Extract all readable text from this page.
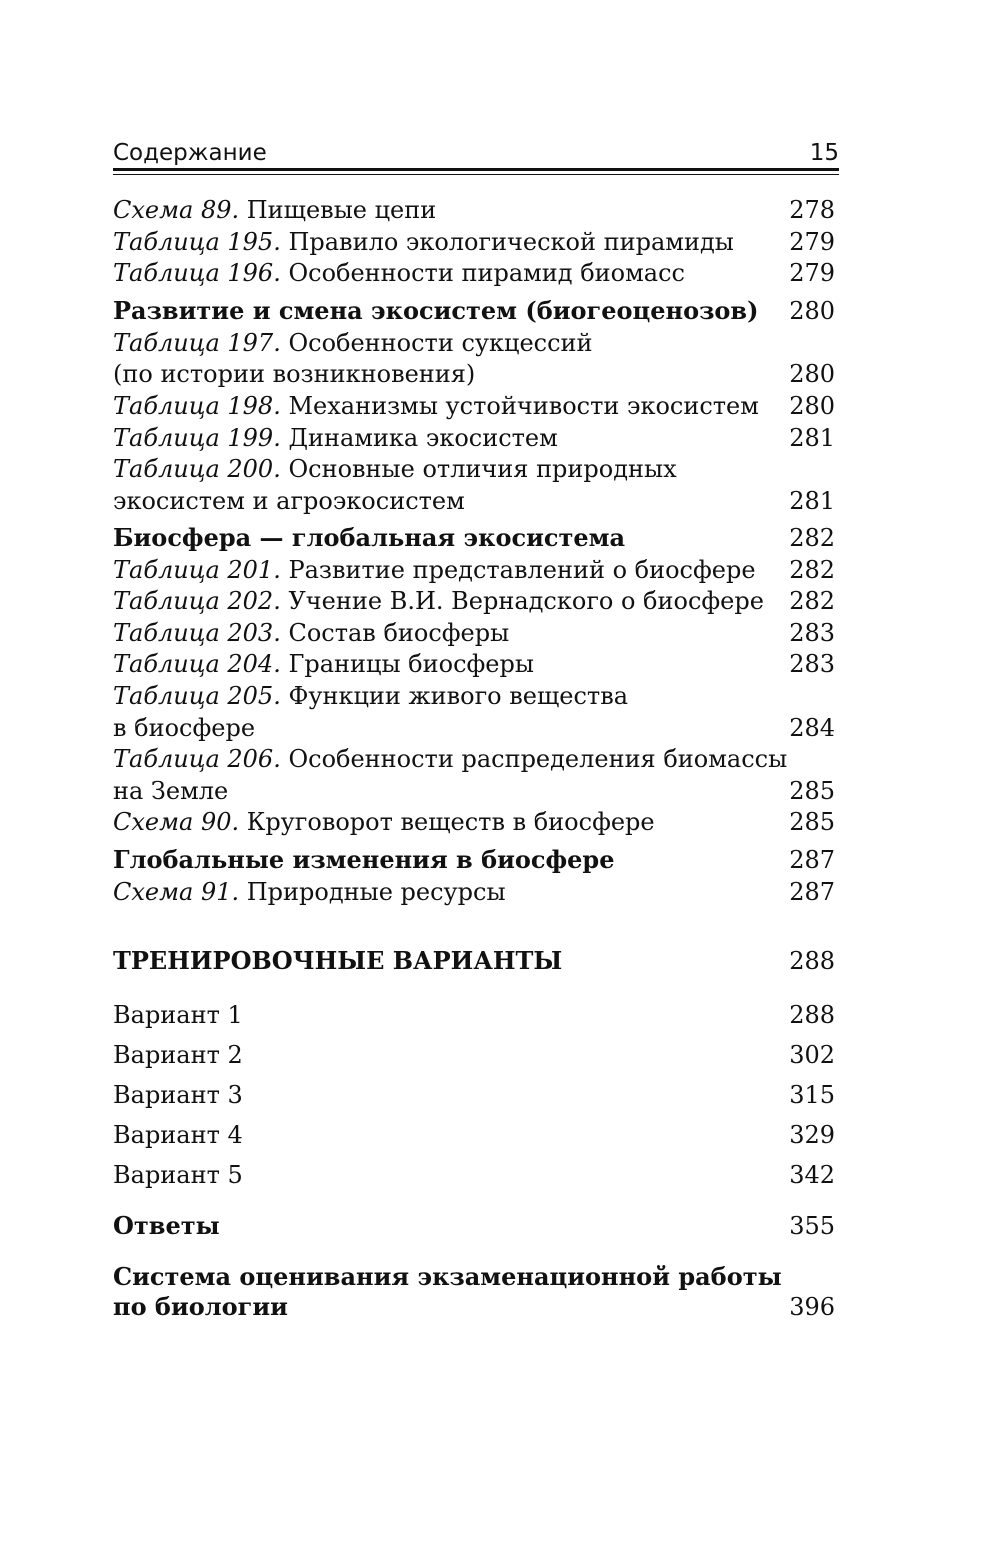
Содержание	15
Схема 89. Пищевые цепи	278
Таблица 195. Правило экологической пирамиды 279
Таблица 196. Особенности пирамид биомасс	279
Развитие и смена экосистем (биогеоценозов) 280
Таблица 197. Особенности сукцессий
(по истории возникновения)	280
Таблица 198. Механизмы устойчивости экосистем 280
Таблица 199. Динамика экосистем	281
Таблица 200. Основные отличия природных
экосистем и агроэкосистем	281
Биосфера — глобальная экосистема	282
Таблица 201. Развитие представлений о биосфере 282
Таблица 202. Учение В.И. Вернадского о биосфере 282
Таблица 203. Состав биосферы	283
Таблица 204. Границы биосферы	283
Таблица 205. Функции живого вещества
в биосфере	284
Таблица 206. Особенности распределения биомассы
на Земле	285
Схема 90. Круговорот веществ в биосфере	285
Глобальные изменения в биосфере	287
Схема 91. Природные ресурсы	287
ТРЕНИРОВОЧНЫЕ ВАРИАНТЫ	288
Вариант 1	288
Вариант 2	302
Вариант 3	315
Вариант 4	329
Вариант 5	342
Ответы	355
Система оценивания экзаменационной работы
по биологии	396
